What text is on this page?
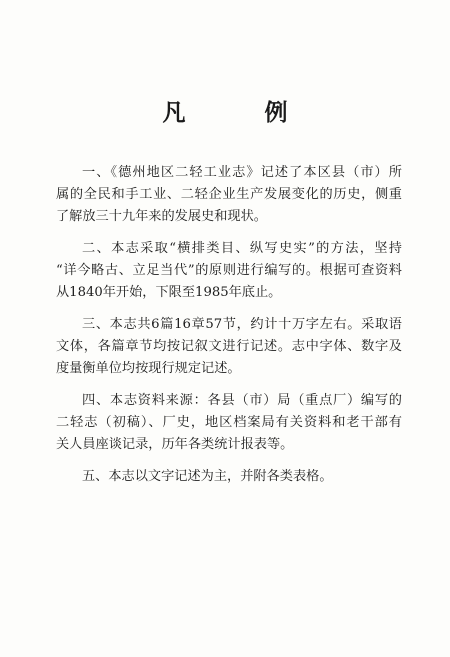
凡　例
一、《德州地区二轻工业志》记述了本区县（市）所
属的全民和手工业、二轻企业生产发展变化的历史，侧重
了解放三十九年来的发展史和现状。
二、本志采取“横排类目、纵写史实”的方法，坚持
“详今略古、立足当代”的原则进行编写的。根据可查资料
从1840年开始，下限至1985年底止。
三、本志共6篇16章57节，约计十万字左右。采取语
文体，各篇章节均按记叙文进行记述。志中字体、数字及
度量衡单位均按现行规定记述。
四、本志资料来源：各县（市）局（重点厂）编写的
二轻志（初稿）、厂史，地区档案局有关资料和老干部有
关人員座谈记录，历年各类统计报表等。
五、本志以文字记述为主，并附各类表格。
